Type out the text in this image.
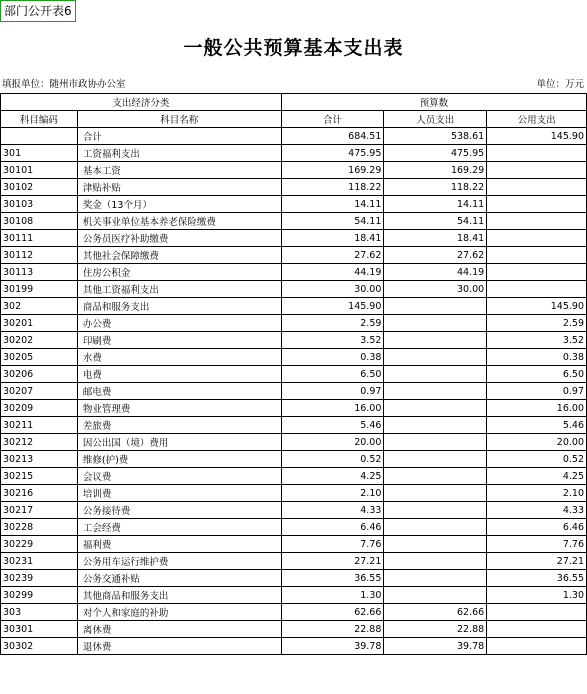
部门公开表6
一般公共预算基本支出表
填报单位：随州市政协办公室	单位：万元
支出经济分类		预算数		
科目编码	科目名称	合计	人员支出	公用支出
	合计	684.51	538.61	145.90
301	工资福利支出	475.95	475.95	
30101	基本工资	169.29	169.29	
30102	津贴补贴	118.22	118.22	
30103	奖金（13个月）	14.11	14.11	
30108	机关事业单位基本养老保险缴费	54.11	54.11	
30111	公务员医疗补助缴费	18.41	18.41	
30112	其他社会保障缴费	27.62	27.62	
30113	住房公积金	44.19	44.19	
30199	其他工资福利支出	30.00	30.00	
302	商品和服务支出	145.90		145.90
30201	办公费	2.59		2.59
30202	印刷费	3.52		3.52
30205	水费	0.38		0.38
30206	电费	6.50		6.50
30207	邮电费	0.97		0.97
30209	物业管理费	16.00		16.00
30211	差旅费	5.46		5.46
30212	因公出国（境）费用	20.00		20.00
30213	维修(护)费	0.52		0.52
30215	会议费	4.25		4.25
30216	培训费	2.10		2.10
30217	公务接待费	4.33		4.33
30228	工会经费	6.46		6.46
30229	福利费	7.76		7.76
30231	公务用车运行维护费	27.21		27.21
30239	公务交通补贴	36.55		36.55
30299	其他商品和服务支出	1.30		1.30
303	对个人和家庭的补助	62.66	62.66	
30301	离休费	22.88	22.88	
30302	退休费	39.78	39.78	
